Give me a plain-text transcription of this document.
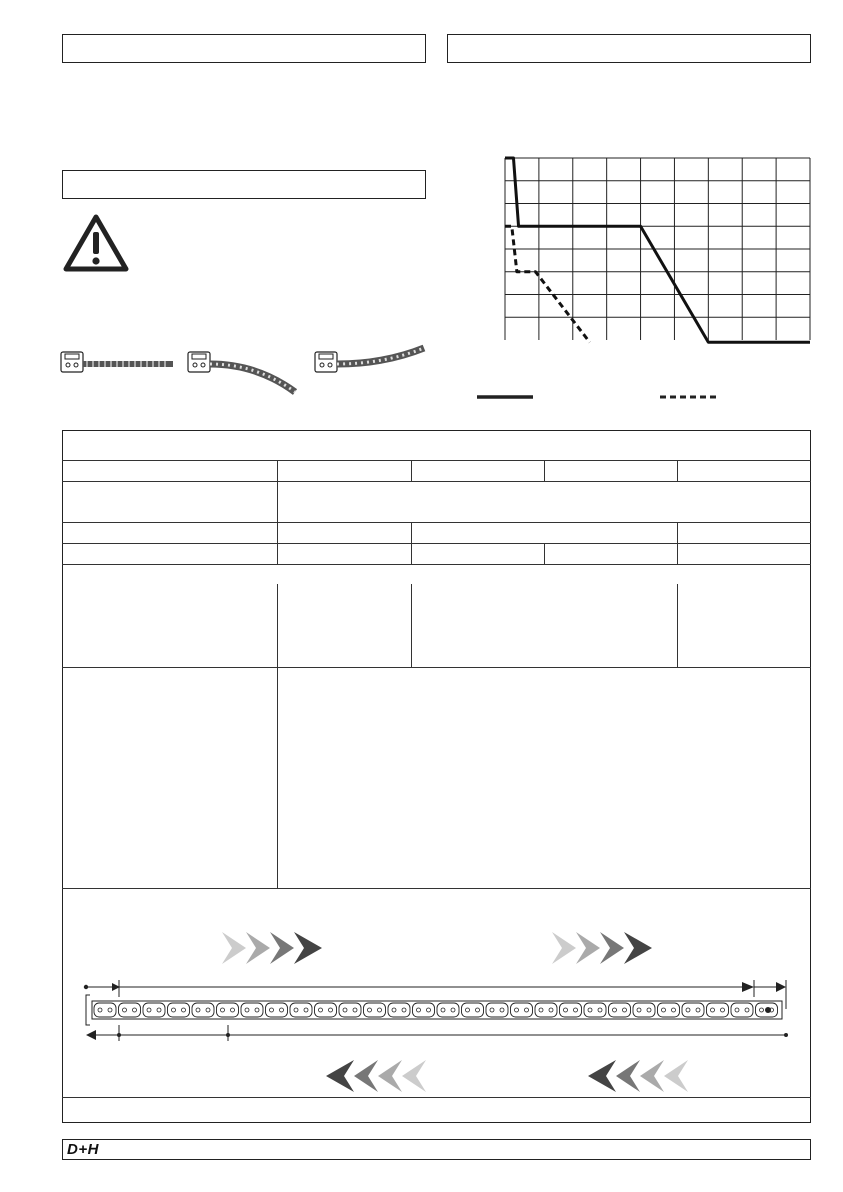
D+H
